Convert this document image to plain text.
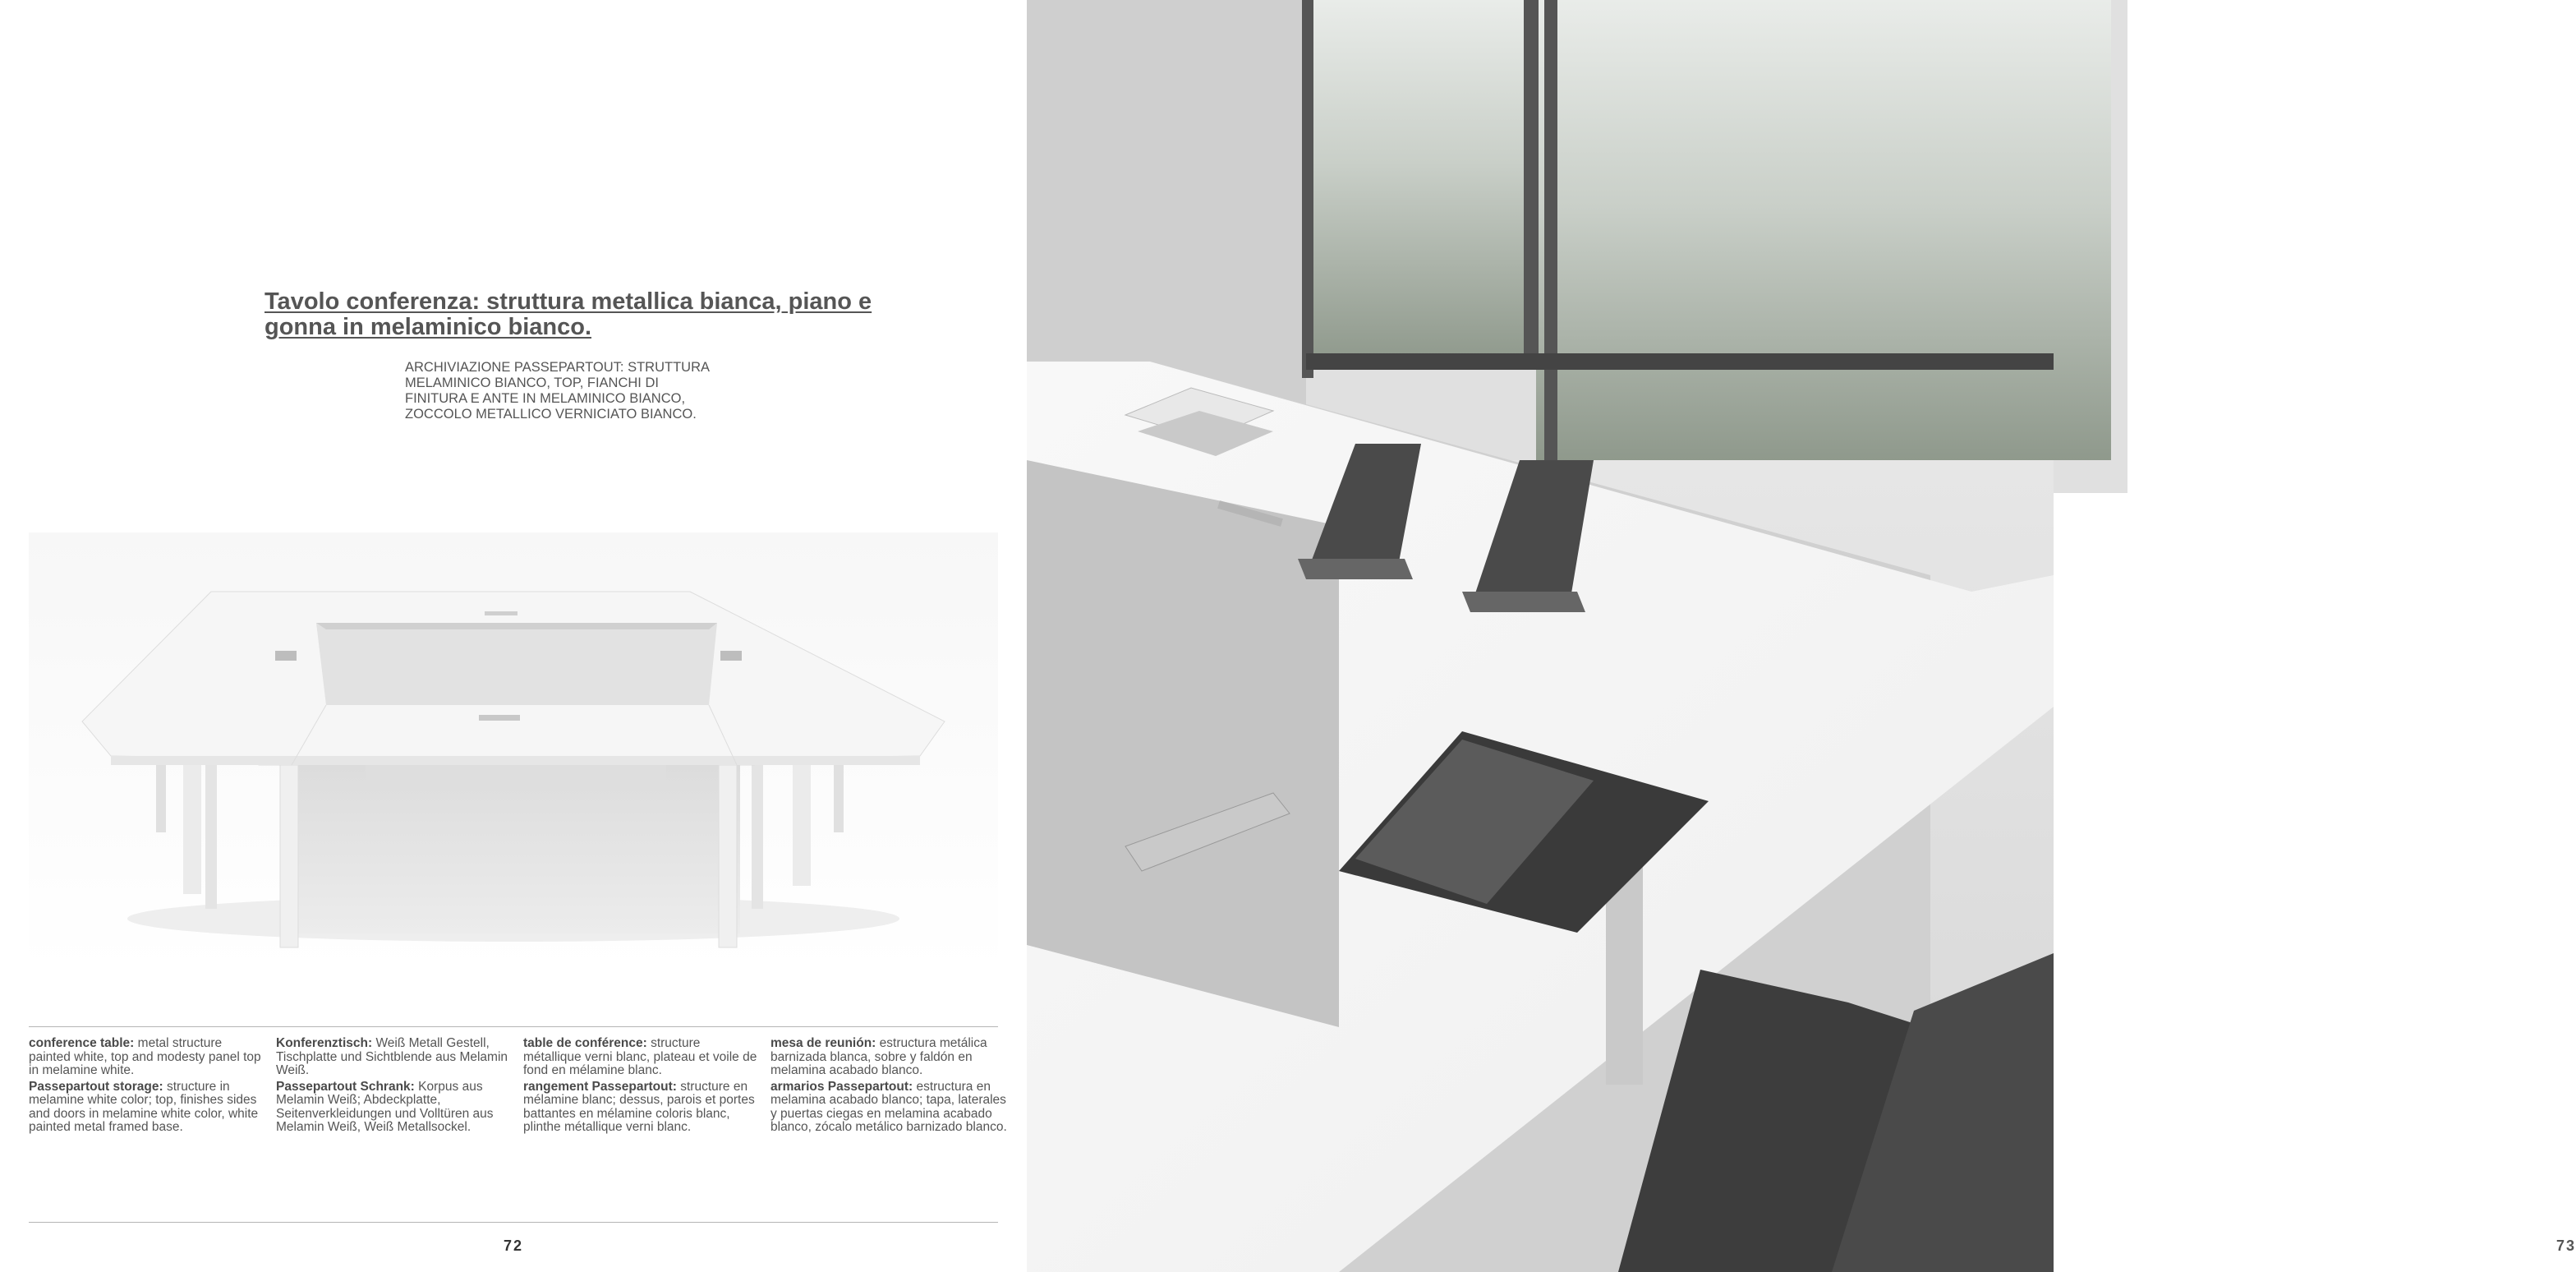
Tavolo conferenza: struttura metallica bianca, piano e
gonna in melaminico bianco.

ARCHIVIAZIONE PASSEPARTOUT: STRUTTURA
MELAMINICO BIANCO, TOP, FIANCHI DI
FINITURA E ANTE IN MELAMINICO BIANCO,
ZOCCOLO METALLICO VERNICIATO BIANCO.

conference table: metal structure painted white, top and modesty panel top in melamine white.

Passepartout storage: structure in melamine white color; top, finishes sides and doors in melamine white color, white painted metal framed base.

Konferenztisch: Weiß Metall Gestell, Tischplatte und Sichtblende aus Melamin Weiß.

Passepartout Schrank: Korpus aus Melamin Weiß; Abdeckplatte, Seitenverkleidungen und Volltüren aus Melamin Weiß, Weiß Metallsockel.

table de conférence: structure métallique verni blanc, plateau et voile de fond en mélamine blanc.

rangement Passepartout: structure en mélamine blanc; dessus, parois et portes battantes en mélamine coloris blanc, plinthe métallique verni blanc.

mesa de reunión: estructura metálica barnizada blanca, sobre y faldón en melamina acabado blanco.

armarios Passepartout: estructura en melamina acabado blanco; tapa, laterales y puertas ciegas en melamina acabado blanco, zócalo metálico barnizado blanco.

72	73
